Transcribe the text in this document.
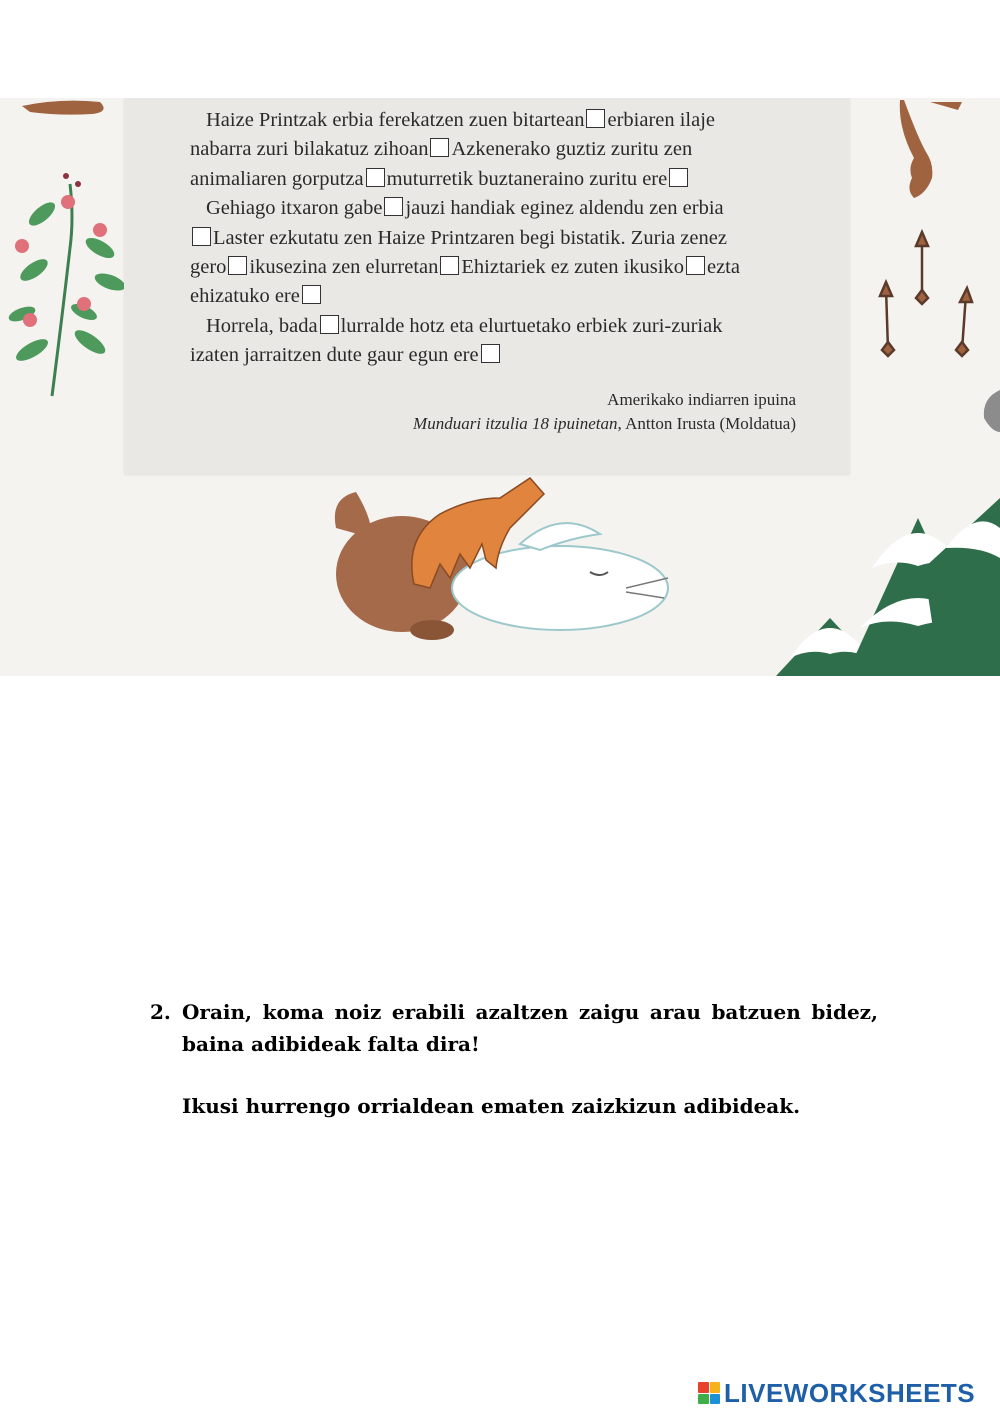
Haize Printzak erbia ferekatzen zuen bitartean erbiaren ilaje
nabarra zuri bilakatuz zihoan Azkenerako guztiz zuritu zen
animaliaren gorputza muturretik buztaneraino zuritu ere
Gehiago itxaron gabe jauzi handiak eginez aldendu zen erbia
Laster ezkutatu zen Haize Printzaren begi bistatik. Zuria zenez
gero ikusezina zen elurretan Ehiztariek ez zuten ikusiko ezta
ehizatuko ere
Horrela, bada lurralde hotz eta elurtuetako erbiek zuri-zuriak
izaten jarraitzen dute gaur egun ere
Amerikako indiarren ipuina
Munduari itzulia 18 ipuinetan, Antton Irusta (Moldatua)
2. Orain, koma noiz erabili azaltzen zaigu arau batzuen bidez, baina adibideak falta dira!
Ikusi hurrengo orrialdean ematen zaizkizun adibideak.
LIVEWORKSHEETS
